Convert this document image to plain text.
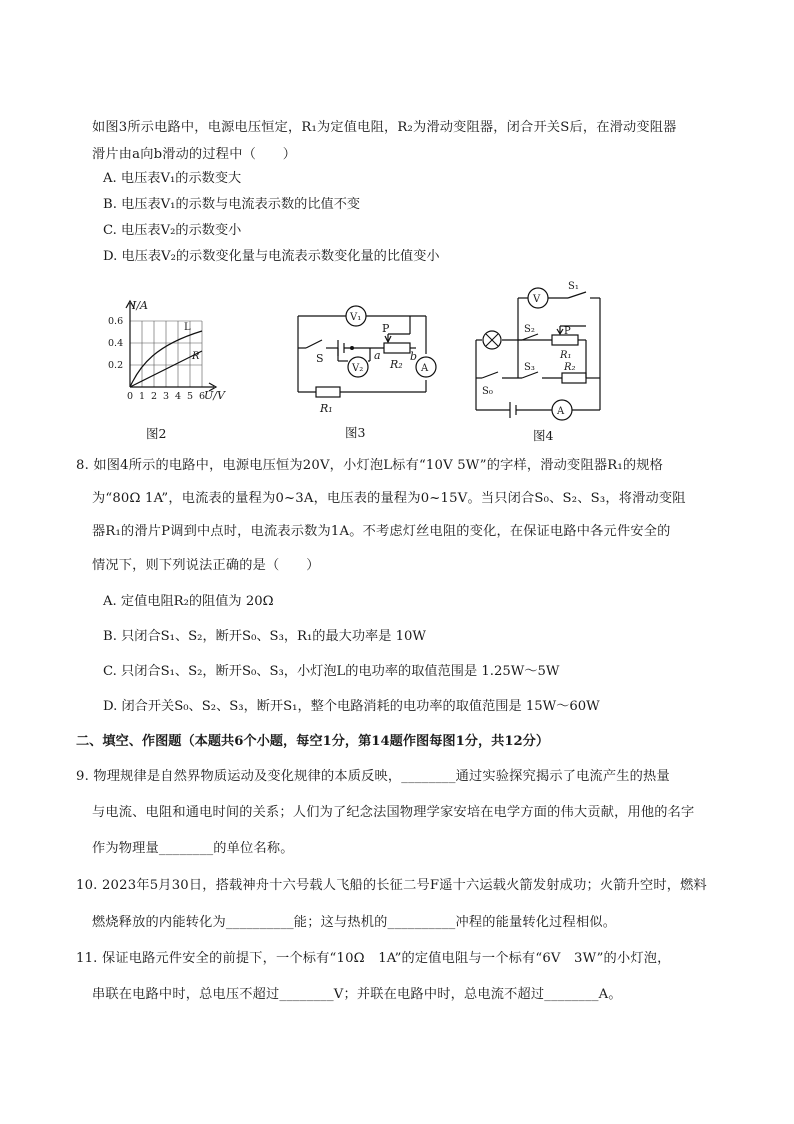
如图3所示电路中，电源电压恒定，R₁为定值电阻，R₂为滑动变阻器，闭合开关S后，在滑动变阻器
滑片由a向b滑动的过程中（　　）
A. 电压表V₁的示数变大
B. 电压表V₁的示数与电流表示数的比值不变
C. 电压表V₂的示数变小
D. 电压表V₂的示数变化量与电流表示数变化量的比值变小
I/A
U/V
0.6
0.4
0.2
0 1 2 3 4 5 6
L
R
图2
V₁
S
P
a
R₂
b
A
V₂
R₁
图3
S₁
V
S₂	P
R₁
S₃	R₂
S₀
A
图4
8. 如图4所示的电路中，电源电压恒为20V，小灯泡L标有“10V 5W”的字样，滑动变阻器R₁的规格
为“80Ω 1A”，电流表的量程为0~3A，电压表的量程为0~15V。当只闭合S₀、S₂、S₃，将滑动变阻
器R₁的滑片P调到中点时，电流表示数为1A。不考虑灯丝电阻的变化，在保证电路中各元件安全的
情况下，则下列说法正确的是（　　）
A. 定值电阻R₂的阻值为 20Ω
B. 只闭合S₁、S₂，断开S₀、S₃，R₁的最大功率是 10W
C. 只闭合S₁、S₂，断开S₀、S₃，小灯泡L的电功率的取值范围是 1.25W～5W
D. 闭合开关S₀、S₂、S₃，断开S₁，整个电路消耗的电功率的取值范围是 15W～60W
二、填空、作图题（本题共6个小题，每空1分，第14题作图每图1分，共12分）
9. 物理规律是自然界物质运动及变化规律的本质反映，________通过实验探究揭示了电流产生的热量
与电流、电阻和通电时间的关系；人们为了纪念法国物理学家安培在电学方面的伟大贡献，用他的名字
作为物理量________的单位名称。
10. 2023年5月30日，搭载神舟十六号载人飞船的长征二号F遥十六运载火箭发射成功；火箭升空时，燃料
燃烧释放的内能转化为__________能；这与热机的__________冲程的能量转化过程相似。
11. 保证电路元件安全的前提下，一个标有“10Ω　1A”的定值电阻与一个标有“6V　3W”的小灯泡，
串联在电路中时，总电压不超过________V；并联在电路中时，总电流不超过________A。
